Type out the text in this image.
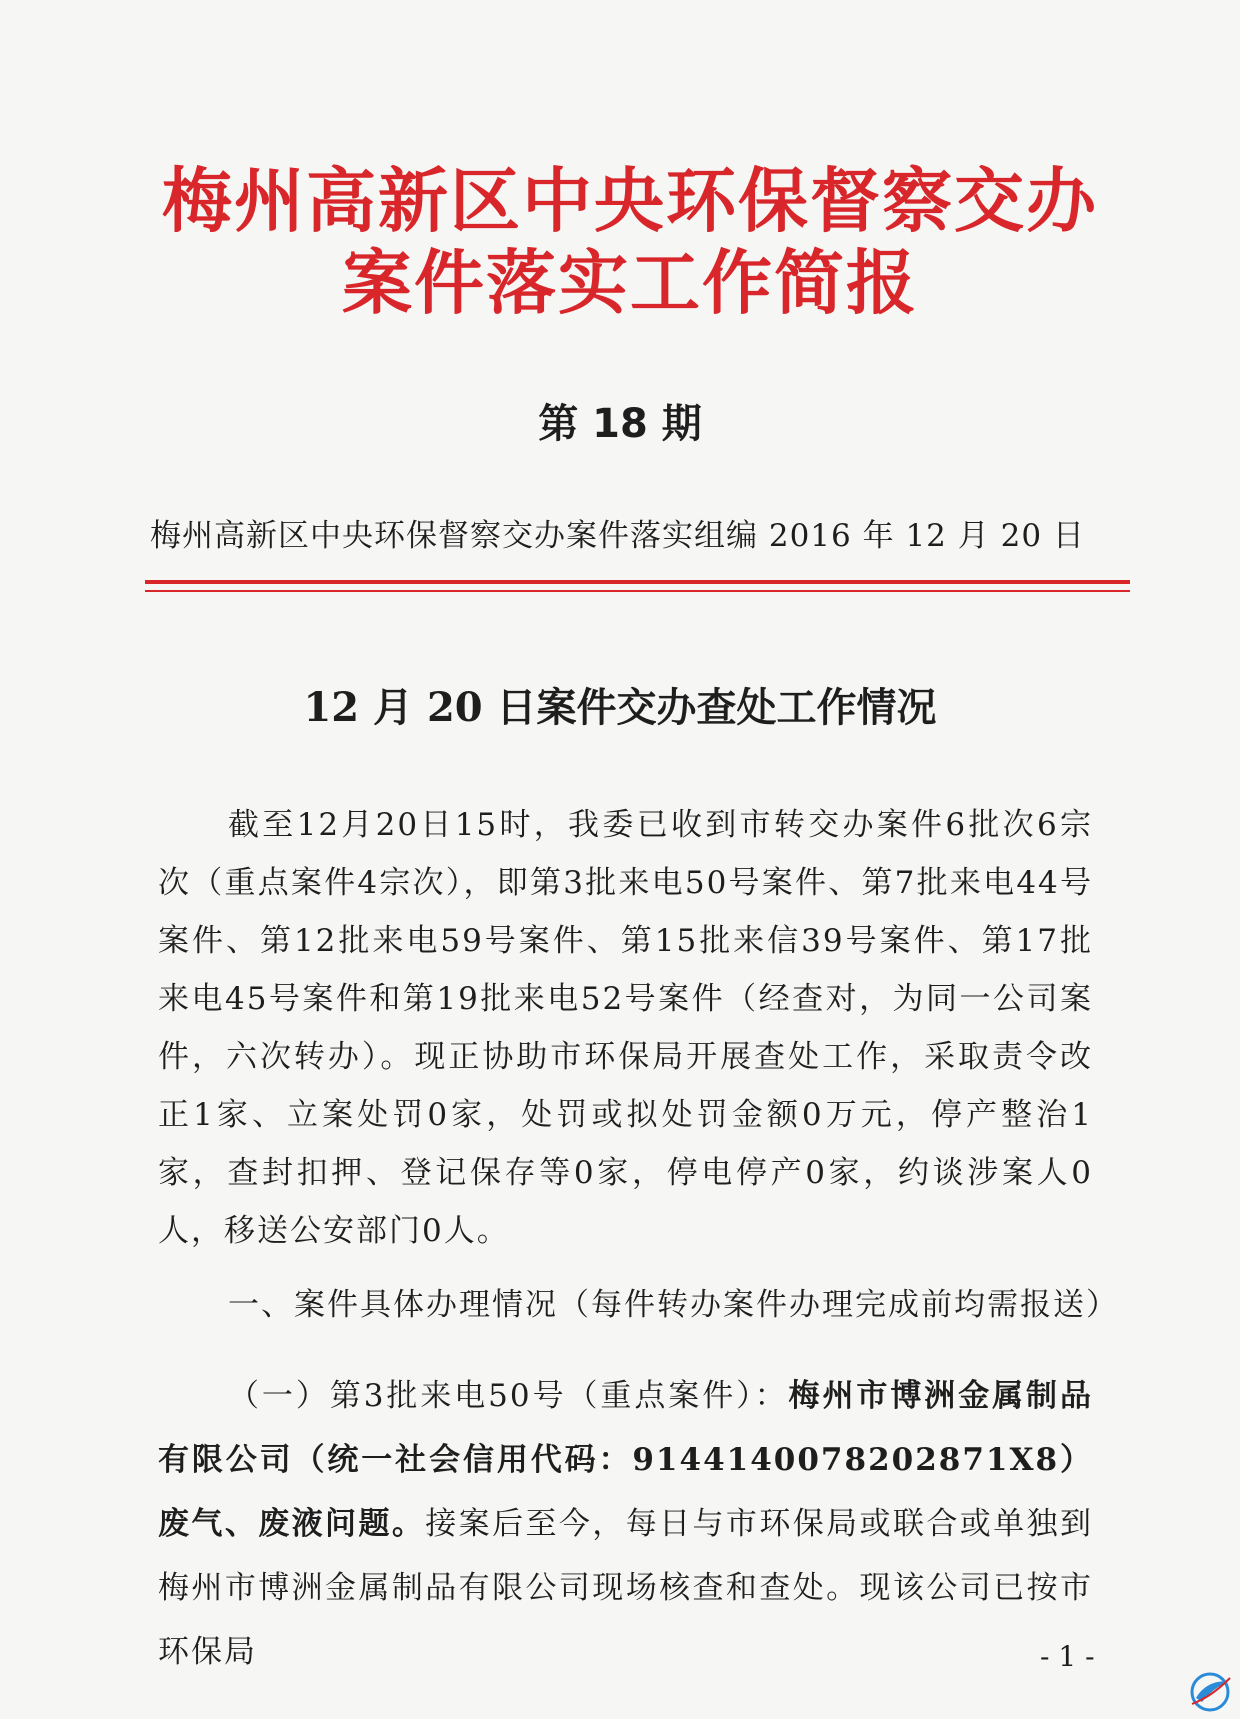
梅州高新区中央环保督察交办
案件落实工作简报
第 18 期
梅州高新区中央环保督察交办案件落实组编 2016 年 12 月 20 日
12 月 20 日案件交办查处工作情况
截至12月20日15时，我委已收到市转交办案件6批次6宗次（重点案件4宗次），即第3批来电50号案件、第7批来电44号案件、第12批来电59号案件、第15批来信39号案件、第17批来电45号案件和第19批来电52号案件（经查对，为同一公司案件，六次转办）。现正协助市环保局开展查处工作，采取责令改正1家、立案处罚0家，处罚或拟处罚金额0万元，停产整治1家，查封扣押、登记保存等0家，停电停产0家，约谈涉案人0人，移送公安部门0人。
一、案件具体办理情况（每件转办案件办理完成前均需报送）
（一）第3批来电50号（重点案件）：梅州市博洲金属制品有限公司（统一社会信用代码：9144140078202871X8）废气、废液问题。接案后至今，每日与市环保局或联合或单独到梅州市博洲金属制品有限公司现场核查和查处。现该公司已按市环保局	- 1 -
